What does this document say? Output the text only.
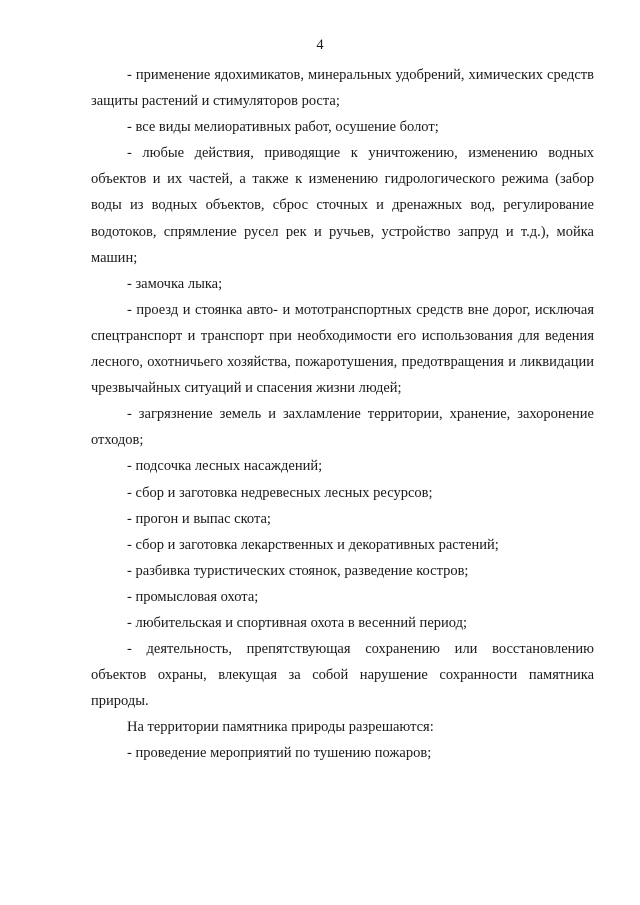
4

- применение ядохимикатов, минеральных удобрений, химических средств защиты растений и стимуляторов роста;

- все виды мелиоративных работ, осушение болот;

- любые действия, приводящие к уничтожению, изменению водных объектов и их частей, а также к изменению гидрологического режима (забор воды из водных объектов, сброс сточных и дренажных вод, регулирование водотоков, спрямление русел рек и ручьев, устройство запруд и т.д.), мойка машин;

- замочка лыка;

- проезд и стоянка авто- и мототранспортных средств вне дорог, исключая спецтранспорт и транспорт при необходимости его использования для ведения лесного, охотничьего хозяйства, пожаротушения, предотвращения и ликвидации чрезвычайных ситуаций и спасения жизни людей;

- загрязнение земель и захламление территории, хранение, захоронение отходов;

- подсочка лесных насаждений;

- сбор и заготовка недревесных лесных ресурсов;

- прогон и выпас скота;

- сбор и заготовка лекарственных и декоративных растений;

- разбивка туристических стоянок, разведение костров;

- промысловая охота;

- любительская и спортивная охота в весенний период;

- деятельность, препятствующая сохранению или восстановлению объектов охраны, влекущая за собой нарушение сохранности памятника природы.

На территории памятника природы разрешаются:

- проведение мероприятий по тушению пожаров;
